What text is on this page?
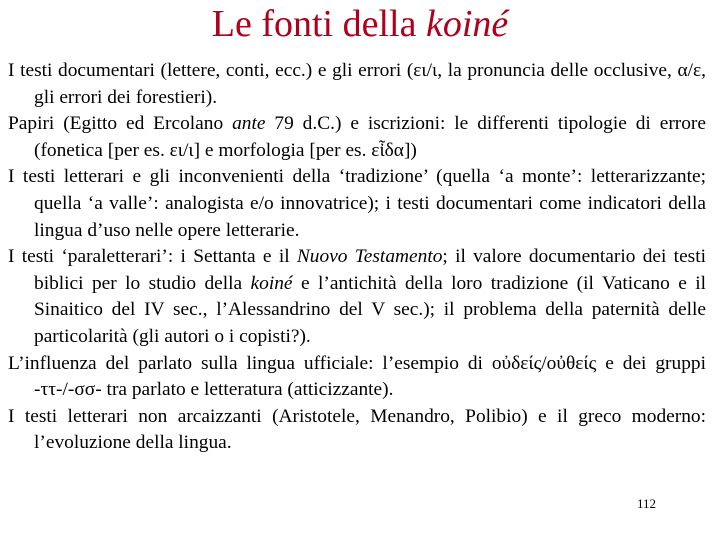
Le fonti della koiné

I testi documentari (lettere, conti, ecc.) e gli errori (ει/ι, la pronuncia delle occlusive, α/ε, gli errori dei forestieri).

Papiri (Egitto ed Ercolano ante 79 d.C.) e iscrizioni: le differenti tipologie di errore (fonetica [per es. ει/ι] e morfologia [per es. εἶδα])

I testi letterari e gli inconvenienti della ‘tradizione’ (quella ‘a monte’: letterarizzante; quella ‘a valle’: analogista e/o innovatrice); i testi documentari come indicatori della lingua d’uso nelle opere letterarie.

I testi ‘paraletterari’: i Settanta e il Nuovo Testamento; il valore documentario dei testi biblici per lo studio della koiné e l’antichità della loro tradizione (il Vaticano e il Sinaitico del IV sec., l’Alessandrino del V sec.); il problema della paternità delle particolarità (gli autori o i copisti?).

L’influenza del parlato sulla lingua ufficiale: l’esempio di οὐδείς/οὐθείς e dei gruppi ‑ττ‑/‑σσ‑ tra parlato e letteratura (atticizzante).

I testi letterari non arcaizzanti (Aristotele, Menandro, Polibio) e il greco moderno: l’evoluzione della lingua.

112
